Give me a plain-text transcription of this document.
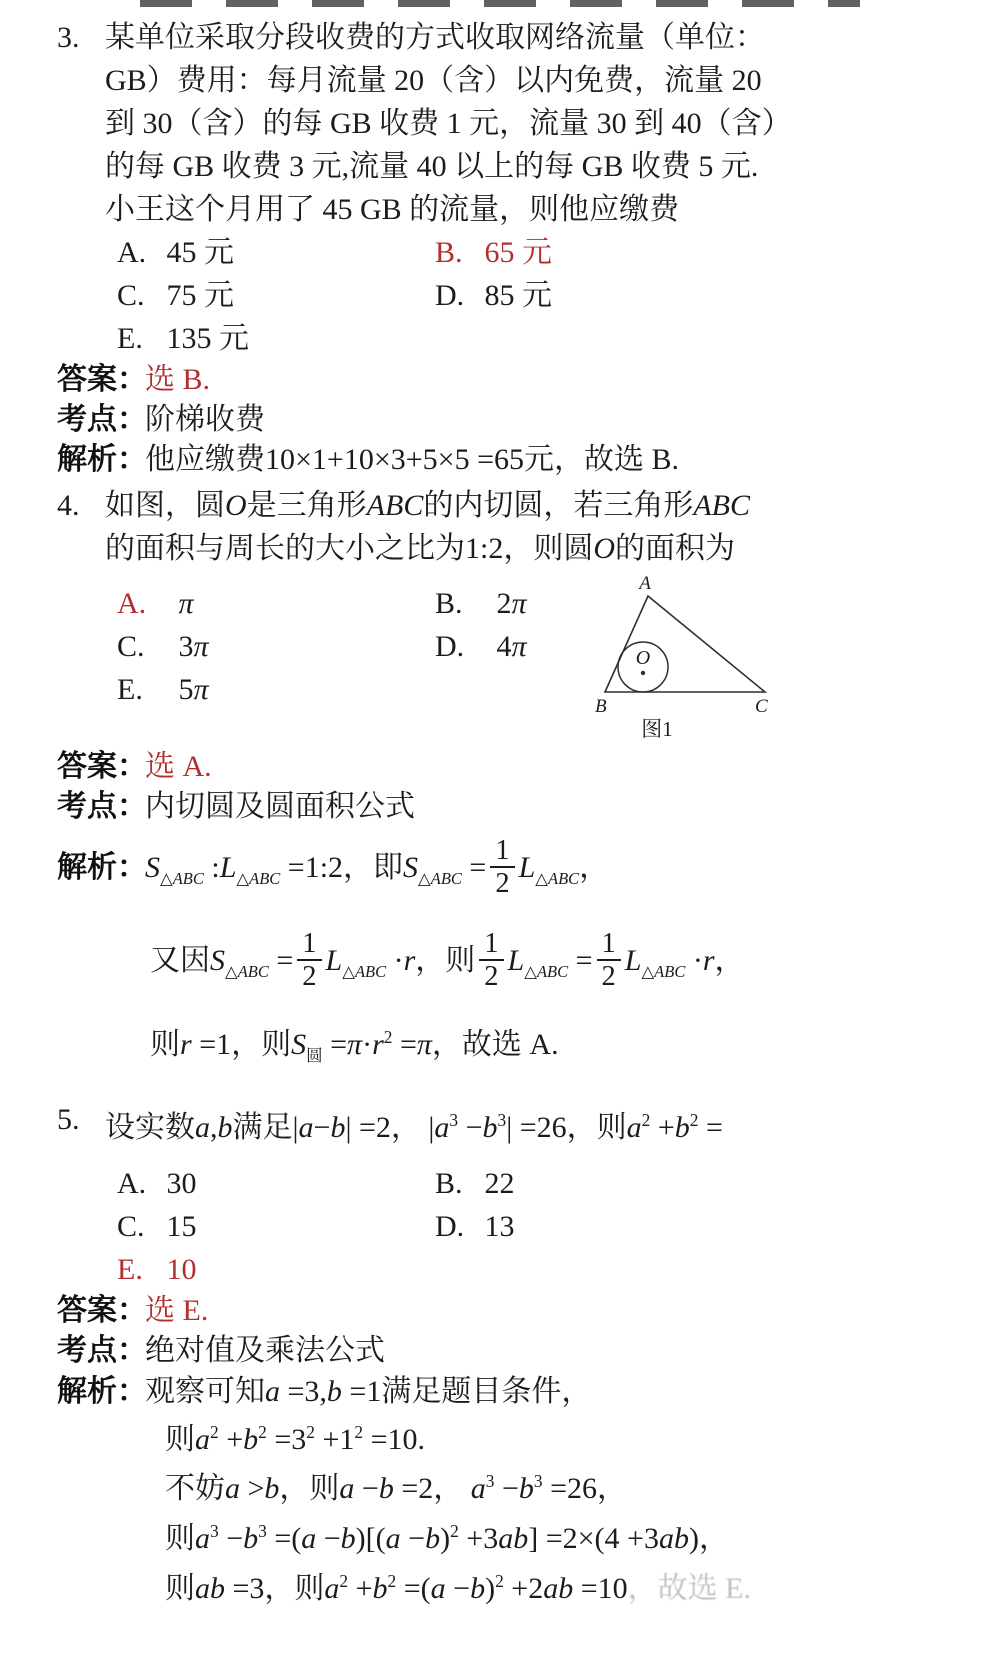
3. 某单位采取分段收费的方式收取网络流量（单位：
GB）费用：每月流量 20（含）以内免费，流量 20
到 30（含）的每 GB 收费 1 元，流量 30 到 40（含）
的每 GB 收费 3 元,流量 40 以上的每 GB 收费 5 元.
小王这个月用了 45 GB 的流量，则他应缴费
A. 45 元	B. 65 元
C. 75 元	D. 85 元
E. 135 元
答案：
选 B.
考点：
阶梯收费
解析：
他应缴费10×1+10×3+5×5 =65元，故选 B.
4. 如图，圆O是三角形ABC的内切圆，若三角形ABC
的面积与周长的大小之比为1:2，则圆O的面积为
A. π	B. 2π
C. 3π	D. 4π
E. 5π
A
B	C
O
图1
答案：
选 A.
考点：
内切圆及圆面积公式
解析：
$S_{\triangle ABC}$ $:L_{\triangle ABC}$ =1:2，即$S_{\triangle ABC} = \frac{1}{2} L_{\triangle ABC}$，
又因$S_{\triangle ABC} = \frac{1}{2} L_{\triangle ABC} \cdot r$，则 $\frac{1}{2} L_{\triangle ABC} = \frac{1}{2} L_{\triangle ABC} \cdot r$，
则r =1，则$S_圆 =\pi\cdot r^2 =\pi$，故选 A.
5. 设实数a,b满足|a−b| =2， $|a^3 -b^3| =26$，则$a^2 +b^2$ =
A. 30	B. 22
C. 15	D. 13
E. 10
答案：
选 E.
考点：
绝对值及乘法公式
解析：
观察可知a =3,b =1满足题目条件，
则$a^2 +b^2 =3^2 +1^2 =10$.
不妨a >b，则a −b =2， $a^3 -b^3 =26$，
则$a^3 -b^3 =(a -b)[(a -b)^2 +3ab] =2\times(4 +3ab)$，
则ab =3，则$a^2 +b^2 =(a -b)^2 +2ab =10$，故选 E.
